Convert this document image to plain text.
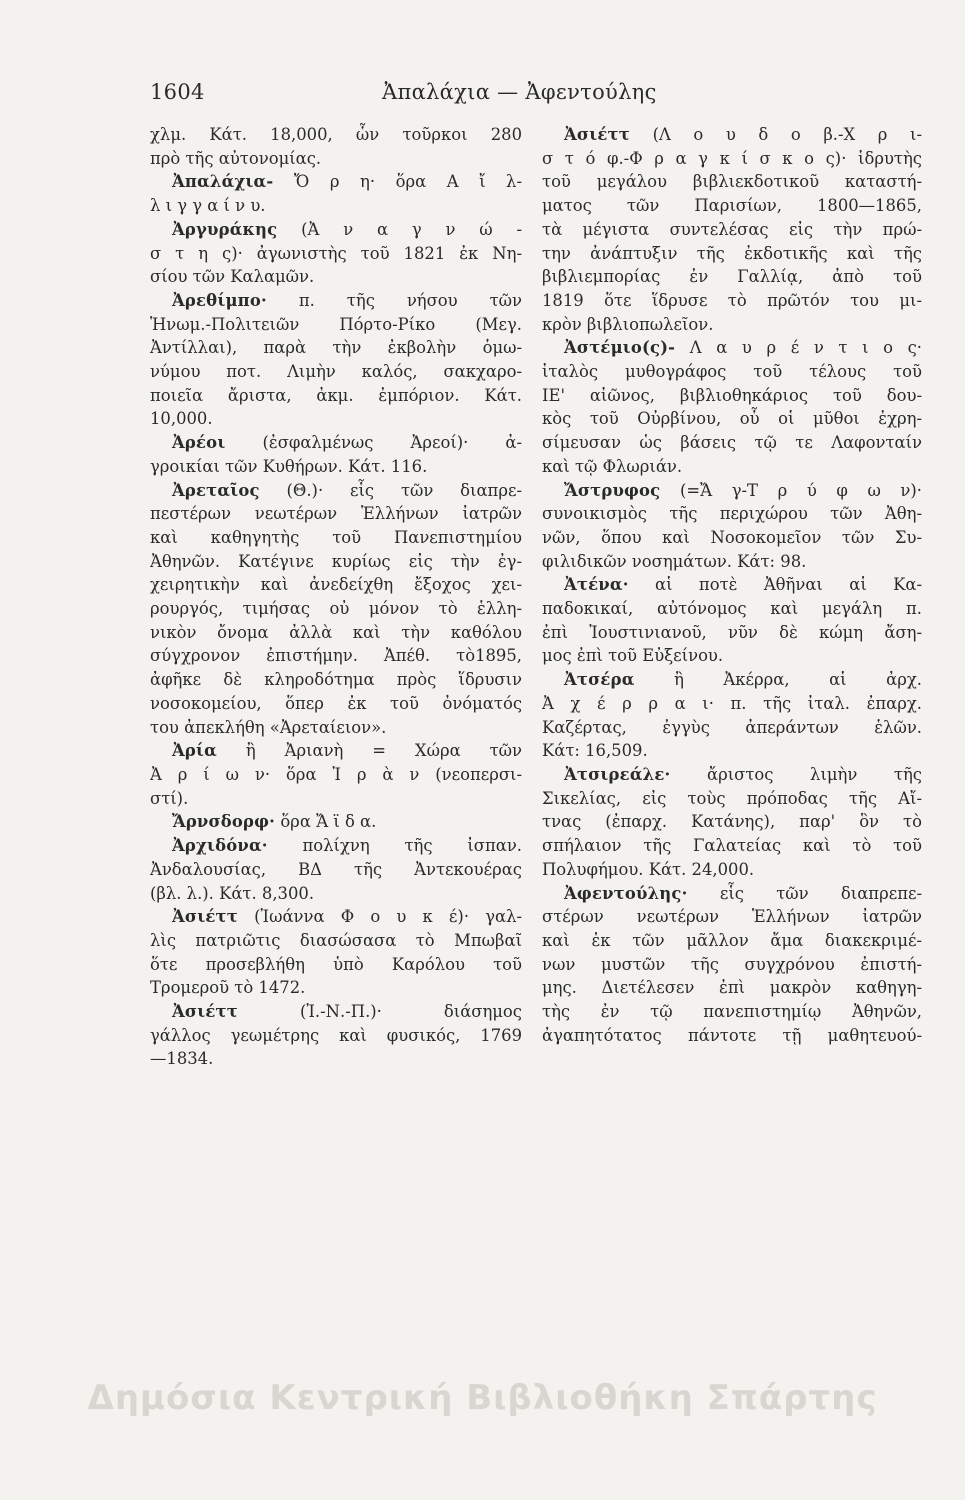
1604	Ἀπαλάχια — Ἀφεντούλης
χλμ. Κάτ. 18,000, ὧν τοῦρκοι 280
πρὸ τῆς αὐτονομίας.
Ἀπαλάχια- Ὄ ρ η· ὅρα Α ἴ λ-
λ ι γ γ α ί ν υ.
Ἀργυράκης (Ἀ ν α γ ν ώ -
σ τ η ς)· ἀγωνιστὴς τοῦ 1821 ἐκ Νη-
σίου τῶν Καλαμῶν.
Ἀρεθίμπο· π. τῆς νήσου τῶν
Ἡνωμ.-Πολιτειῶν Πόρτο-Ρίκο (Μεγ.
Ἀντίλλαι), παρὰ τὴν ἐκβολὴν ὁμω-
νύμου ποτ. Λιμὴν καλός, σακχαρο-
ποιεῖα ἄριστα, ἀκμ. ἐμπόριον. Κάτ.
10,000.
Ἀρέοι (ἐσφαλμένως Ἀρεοί)· ἀ-
γροικίαι τῶν Κυθήρων. Κάτ. 116.
Ἀρεταῖος (Θ.)· εἷς τῶν διαπρε-
πεστέρων νεωτέρων Ἑλλήνων ἰατρῶν
καὶ καθηγητὴς τοῦ Πανεπιστημίου
Ἀθηνῶν. Κατέγινε κυρίως εἰς τὴν ἐγ-
χειρητικὴν καὶ ἀνεδείχθη ἔξοχος χει-
ρουργός, τιμήσας οὐ μόνον τὸ ἑλλη-
νικὸν ὄνομα ἀλλὰ καὶ τὴν καθόλου
σύγχρονον ἐπιστήμην. Ἀπέθ. τὸ1895,
ἀφῆκε δὲ κληροδότημα πρὸς ἵδρυσιν
νοσοκομείου, ὅπερ ἐκ τοῦ ὀνόματός
του ἀπεκλήθη «Ἀρεταίειον».
Ἀρία ἢ Ἀριανὴ = Χώρα τῶν
Ἀ ρ ί ω ν· ὅρα Ἰ ρ ὰ ν (νεοπερσι-
στί).
Ἄρνσδορφ· ὅρα Ἄ ϊ δ α.
Ἀρχιδόνα· πολίχνη τῆς ἰσπαν.
Ἀνδαλουσίας, ΒΔ τῆς Ἀντεκουέρας
(βλ. λ.). Κάτ. 8,300.
Ἀσιέττ (Ἰωάννα Φ ο υ κ έ)· γαλ-
λὶς πατριῶτις διασώσασα τὸ Μπωβαῖ
ὅτε προσεβλήθη ὑπὸ Καρόλου τοῦ
Τρομεροῦ τὸ 1472.
Ἀσιέττ	(Ἰ.-Ν.-Π.)· διάσημος
γάλλος γεωμέτρης καὶ φυσικός, 1769
—1834.
Ἀσιέττ (Λ ο υ δ ο β.-Χ ρ ι-
σ τ ό φ.-Φ ρ α γ κ ί σ κ ο ς)· ἱδρυτὴς
τοῦ μεγάλου βιβλιεκδοτικοῦ καταστή-
ματος τῶν Παρισίων, 1800—1865,
τὰ μέγιστα συντελέσας εἰς τὴν πρώ-
την ἀνάπτυξιν τῆς ἐκδοτικῆς καὶ τῆς
βιβλιεμπορίας ἐν Γαλλίᾳ, ἀπὸ τοῦ
1819 ὅτε ἵδρυσε τὸ πρῶτόν του μι-
κρὸν βιβλιοπωλεῖον.
Ἀστέμιο(ς)- Λ α υ ρ έ ν τ ι ο ς·
ἰταλὸς μυθογράφος τοῦ τέλους τοῦ
ΙΕ' αἰῶνος, βιβλιοθηκάριος τοῦ δου-
κὸς τοῦ Οὐρβίνου, οὗ οἱ μῦθοι ἐχρη-
σίμευσαν ὡς βάσεις τῷ τε Λαφονταίν
καὶ τῷ Φλωριάν.
Ἄστρυφος (=Ἄ γ-Τ ρ ύ φ ω ν)·
συνοικισμὸς τῆς περιχώρου τῶν Ἀθη-
νῶν, ὅπου καὶ Νοσοκομεῖον τῶν Συ-
φιλιδικῶν νοσημάτων. Κάτ: 98.
Ἀτένα· αἱ ποτὲ Ἀθῆναι αἱ Κα-
παδοκικαί, αὐτόνομος καὶ μεγάλη π.
ἐπὶ Ἰουστινιανοῦ, νῦν δὲ κώμη ἄση-
μος ἐπὶ τοῦ Εὐξείνου.
Ἀτσέρα ἢ Ἀκέρρα, αἱ ἀρχ.
Ἀ χ έ ρ ρ α ι· π. τῆς ἰταλ. ἐπαρχ.
Καζέρτας, ἐγγὺς ἀπεράντων ἑλῶν.
Κάτ: 16,509.
Ἀτσιρεάλε· ἄριστος λιμὴν τῆς
Σικελίας, εἰς τοὺς πρόποδας τῆς Αἴ-
τνας (ἐπαρχ. Κατάνης), παρ' ὃν τὸ
σπήλαιον τῆς Γαλατείας καὶ τὸ τοῦ
Πολυφήμου. Κάτ. 24,000.
Ἀφεντούλης· εἷς τῶν διαπρεπε-
στέρων νεωτέρων Ἑλλήνων ἰατρῶν
καὶ ἐκ τῶν μᾶλλον ἄμα διακεκριμέ-
νων μυστῶν τῆς συγχρόνου ἐπιστή-
μης. Διετέλεσεν ἐπὶ μακρὸν καθηγη-
τὴς ἐν τῷ πανεπιστημίῳ Ἀθηνῶν,
ἀγαπητότατος πάντοτε τῇ μαθητευού-
Δημόσια Κεντρική Βιβλιοθήκη Σπάρτης
